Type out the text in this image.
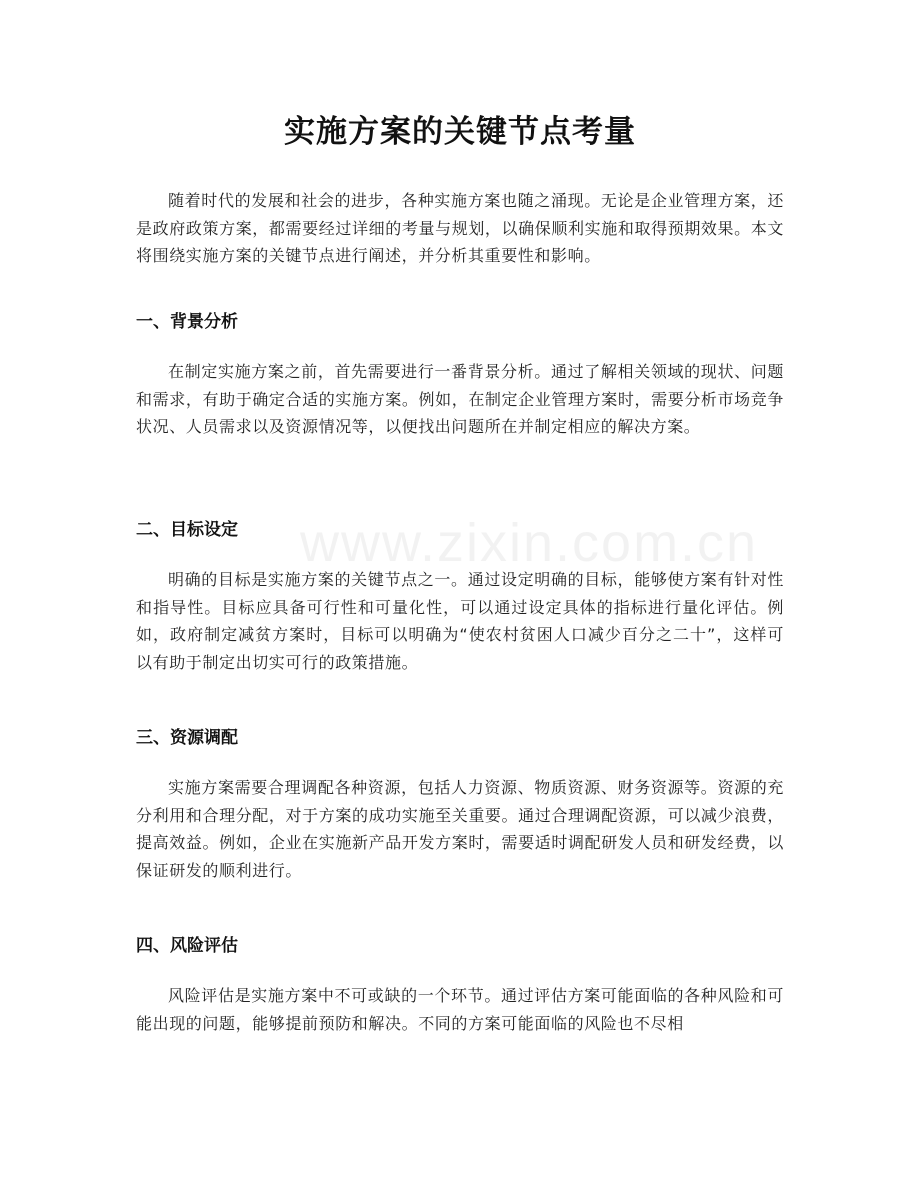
www.zixin.com.cn
实施方案的关键节点考量
随着时代的发展和社会的进步，各种实施方案也随之涌现。无论是企业管理方案，还是政府政策方案，都需要经过详细的考量与规划，以确保顺利实施和取得预期效果。本文将围绕实施方案的关键节点进行阐述，并分析其重要性和影响。
一、背景分析
在制定实施方案之前，首先需要进行一番背景分析。通过了解相关领域的现状、问题和需求，有助于确定合适的实施方案。例如，在制定企业管理方案时，需要分析市场竞争状况、人员需求以及资源情况等，以便找出问题所在并制定相应的解决方案。
二、目标设定
明确的目标是实施方案的关键节点之一。通过设定明确的目标，能够使方案有针对性和指导性。目标应具备可行性和可量化性，可以通过设定具体的指标进行量化评估。例如，政府制定减贫方案时，目标可以明确为“使农村贫困人口减少百分之二十”，这样可以有助于制定出切实可行的政策措施。
三、资源调配
实施方案需要合理调配各种资源，包括人力资源、物质资源、财务资源等。资源的充分利用和合理分配，对于方案的成功实施至关重要。通过合理调配资源，可以减少浪费，提高效益。例如，企业在实施新产品开发方案时，需要适时调配研发人员和研发经费，以保证研发的顺利进行。
四、风险评估
风险评估是实施方案中不可或缺的一个环节。通过评估方案可能面临的各种风险和可能出现的问题，能够提前预防和解决。不同的方案可能面临的风险也不尽相
